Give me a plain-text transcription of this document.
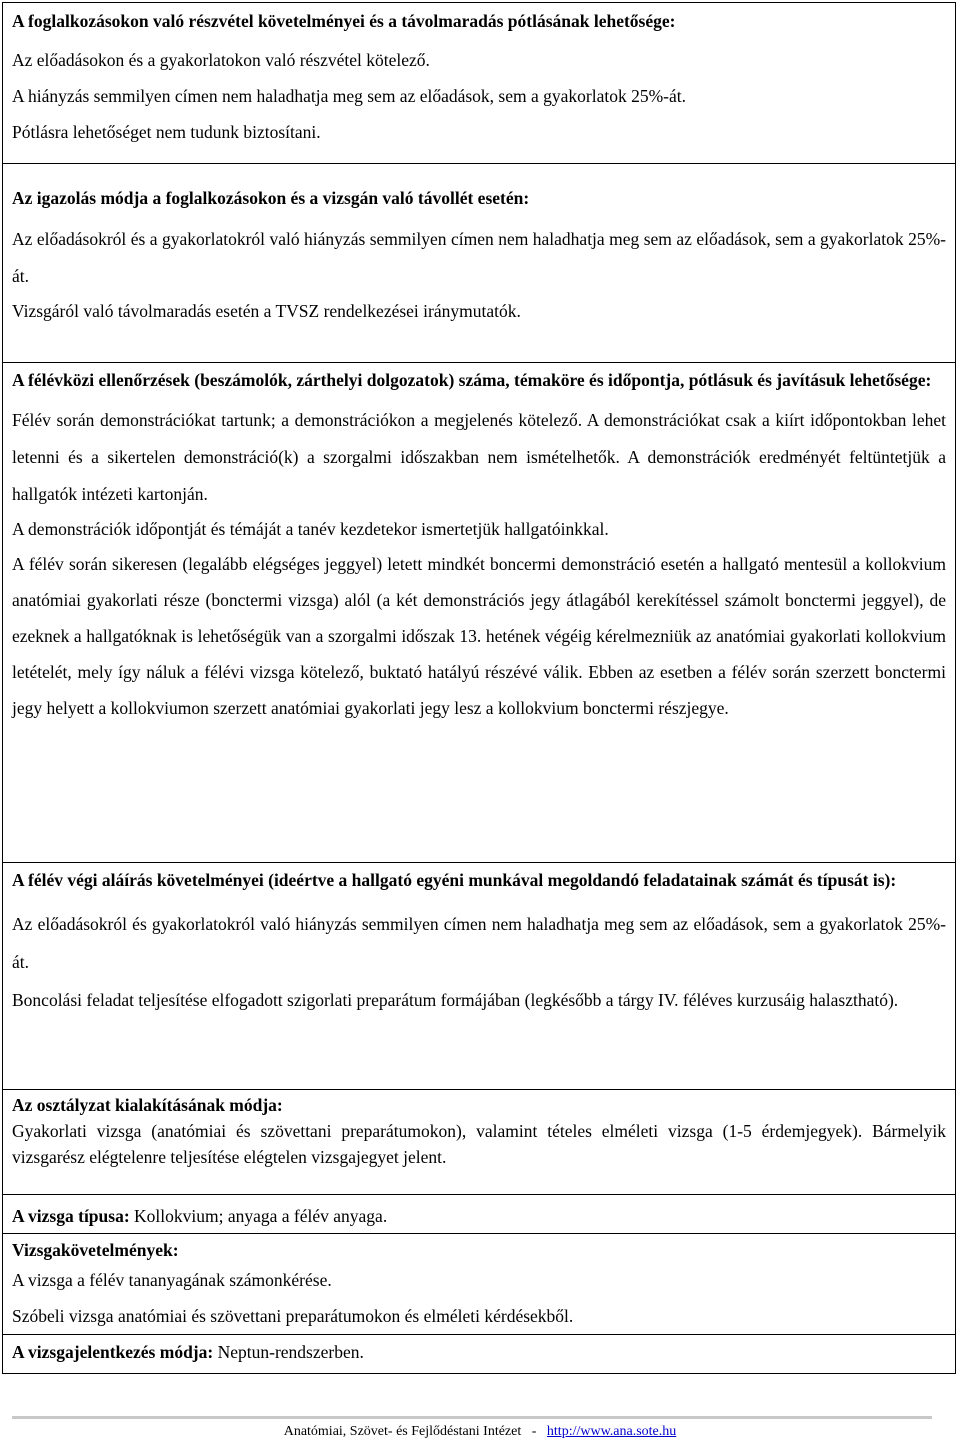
A foglalkozásokon való részvétel követelményei és a távolmaradás pótlásának lehetősége:

Az előadásokon és a gyakorlatokon való részvétel kötelező.

A hiányzás semmilyen címen nem haladhatja meg sem az előadások, sem a gyakorlatok 25%-át.

Pótlásra lehetőséget nem tudunk biztosítani.

Az igazolás módja a foglalkozásokon és a vizsgán való távollét esetén:

Az előadásokról és a gyakorlatokról való hiányzás semmilyen címen nem haladhatja meg sem az előadások, sem a gyakorlatok 25%-át.

Vizsgáról való távolmaradás esetén a TVSZ rendelkezései iránymutatók.

A félévközi ellenőrzések (beszámolók, zárthelyi dolgozatok) száma, témaköre és időpontja, pótlásuk és javításuk lehetősége:

Félév során demonstrációkat tartunk; a demonstrációkon a megjelenés kötelező. A demonstrációkat csak a kiírt időpontokban lehet letenni és a sikertelen demonstráció(k) a szorgalmi időszakban nem ismételhetők. A demonstrációk eredményét feltüntetjük a hallgatók intézeti kartonján.

A demonstrációk időpontját és témáját a tanév kezdetekor ismertetjük hallgatóinkkal.

A félév során sikeresen (legalább elégséges jeggyel) letett mindkét boncermi demonstráció esetén a hallgató mentesül a kollokvium anatómiai gyakorlati része (bonctermi vizsga) alól (a két demonstrációs jegy átlagából kerekítéssel számolt bonctermi jeggyel), de ezeknek a hallgatóknak is lehetőségük van a szorgalmi időszak 13. hetének végéig kérelmezniük az anatómiai gyakorlati kollokvium letételét, mely így náluk a félévi vizsga kötelező, buktató hatályú részévé válik. Ebben az esetben a félév során szerzett bonctermi jegy helyett a kollokviumon szerzett anatómiai gyakorlati jegy lesz a kollokvium bonctermi részjegye.

A félév végi aláírás követelményei (ideértve a hallgató egyéni munkával megoldandó feladatainak számát és típusát is):

Az előadásokról és gyakorlatokról való hiányzás semmilyen címen nem haladhatja meg sem az előadások, sem a gyakorlatok 25%-át.

Boncolási feladat teljesítése elfogadott szigorlati preparátum formájában (legkésőbb a tárgy IV. féléves kurzusáig halasztható).

Az osztályzat kialakításának módja:

Gyakorlati vizsga (anatómiai és szövettani preparátumokon), valamint tételes elméleti vizsga (1-5 érdemjegyek). Bármelyik vizsgarész elégtelenre teljesítése elégtelen vizsgajegyet jelent.

A vizsga típusa: Kollokvium; anyaga a félév anyaga.

Vizsgakövetelmények:

A vizsga a félév tananyagának számonkérése.

Szóbeli vizsga anatómiai és szövettani preparátumokon és elméleti kérdésekből.

A vizsgajelentkezés módja: Neptun-rendszerben.

Anatómiai, Szövet- és Fejlődéstani Intézet   -   http://www.ana.sote.hu
